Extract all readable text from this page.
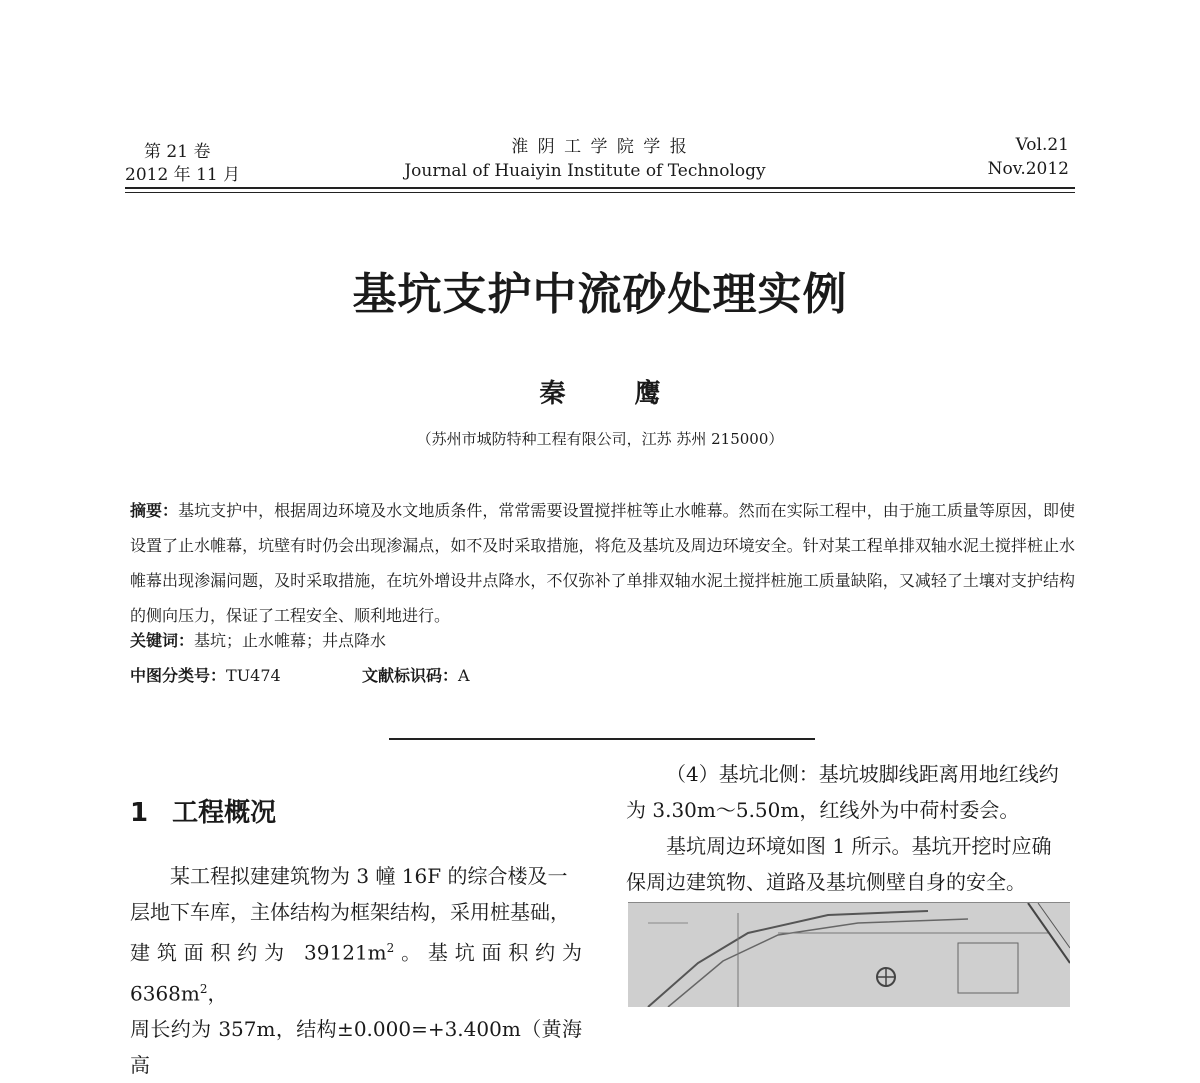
第 21 卷
2012 年 11 月
淮 阴 工 学 院 学 报
Journal of Huaiyin Institute of Technology
Vol.21
Nov.2012
基坑支护中流砂处理实例
秦 鹰
（苏州市城防特种工程有限公司，江苏 苏州 215000）
摘要：基坑支护中，根据周边环境及水文地质条件，常常需要设置搅拌桩等止水帷幕。然而在实际工程中，由于施工质量等原因，即使设置了止水帷幕，坑壁有时仍会出现渗漏点，如不及时采取措施，将危及基坑及周边环境安全。针对某工程单排双轴水泥土搅拌桩止水帷幕出现渗漏问题，及时采取措施，在坑外增设井点降水，不仅弥补了单排双轴水泥土搅拌桩施工质量缺陷，又减轻了土壤对支护结构的侧向压力，保证了工程安全、顺利地进行。
关键词：基坑；止水帷幕；井点降水
中图分类号：TU474	文献标识码：A
1 工程概况
某工程拟建建筑物为 3 幢 16F 的综合楼及一
层地下车库，主体结构为框架结构，采用桩基础，
建筑面积约为 $39121m^2$。基坑面积约为 $6368m^2$，
周长约为 357m，结构±0.000=+3.400m（黄海高
（4）基坑北侧：基坑坡脚线距离用地红线约
为 3.30m～5.50m，红线外为中荷村委会。
基坑周边环境如图 1 所示。基坑开挖时应确
保周边建筑物、道路及基坑侧壁自身的安全。
